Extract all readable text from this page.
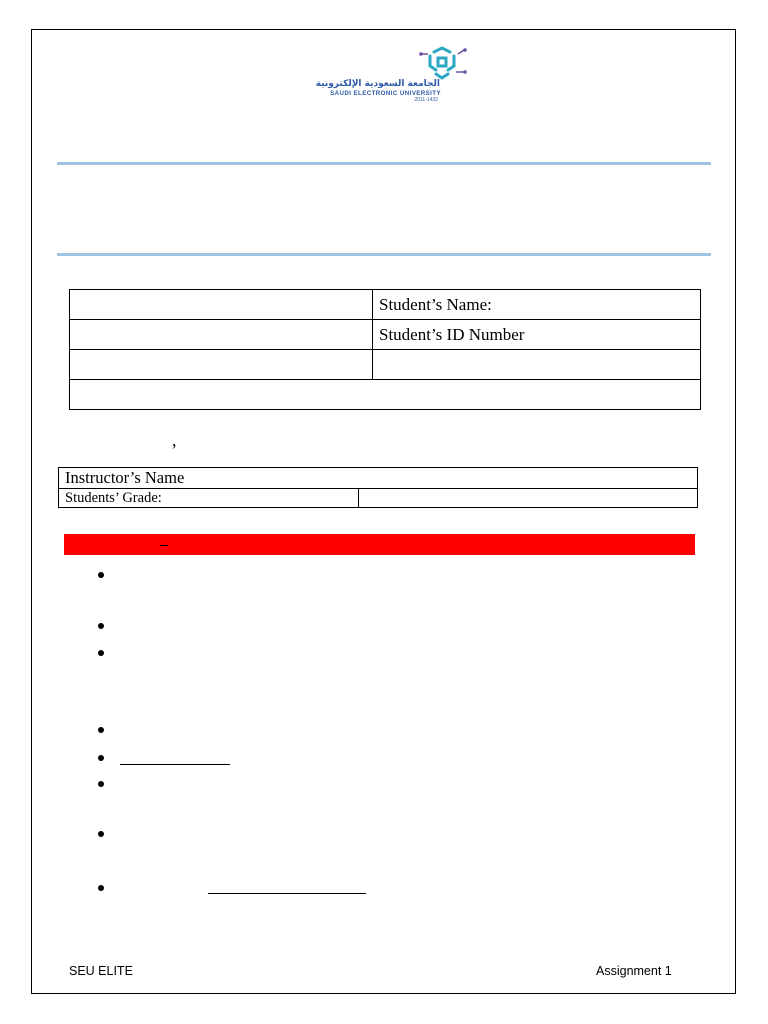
الجامعة السعودية الإلكترونية
SAUDI ELECTRONIC UNIVERSITY
2011-1432
	Student’s Name:
	Student’s ID Number

,
Instructor’s Name
Students’ Grade:	
SEU ELITE	Assignment 1
